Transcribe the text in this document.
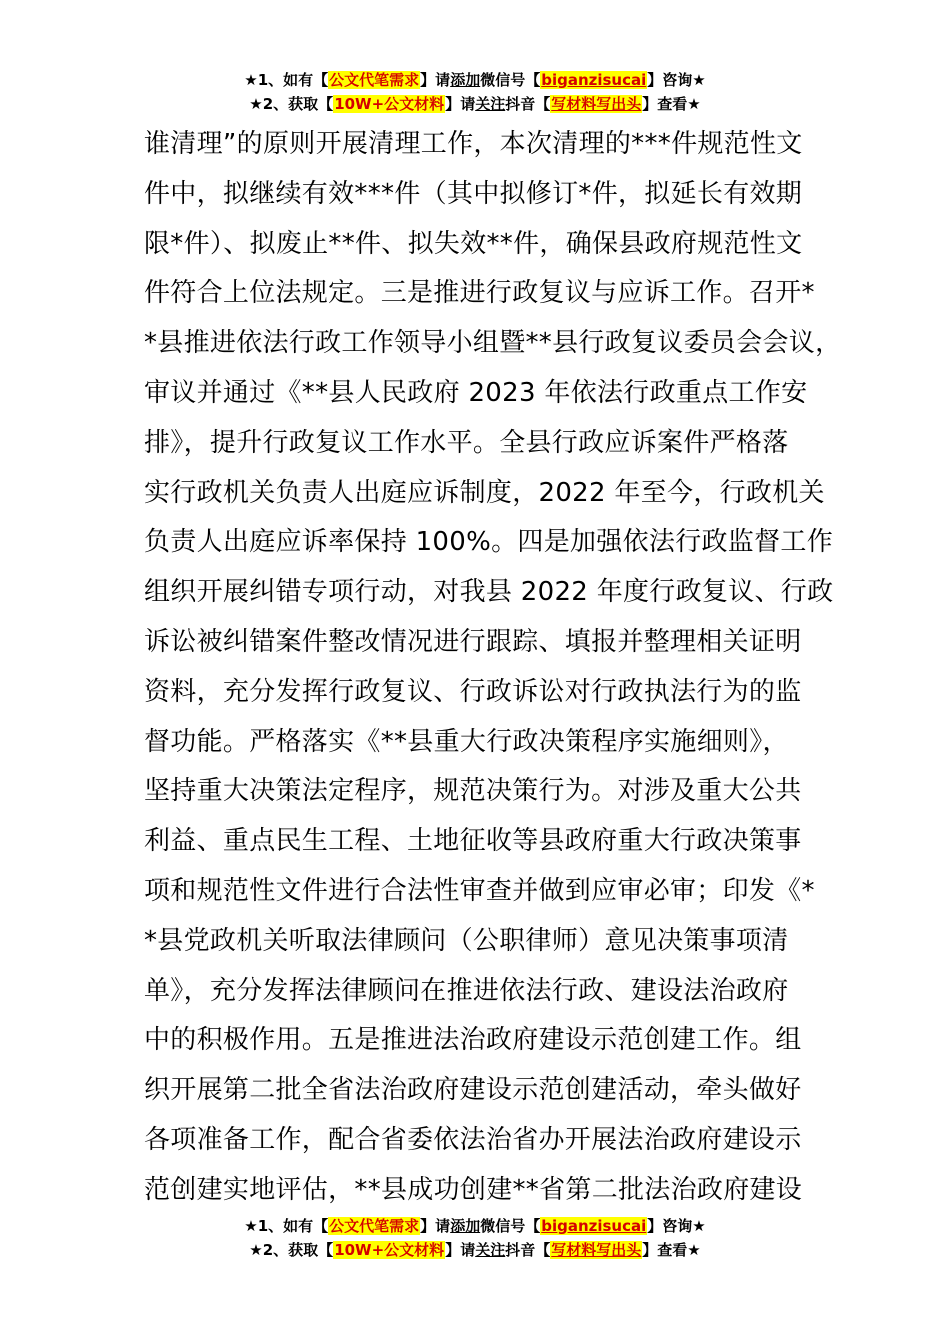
★1、如有【公文代笔需求】请添加微信号【biganzisucai】咨询★
★2、获取【10W+公文材料】请关注抖音【写材料写出头】查看★
谁清理”的原则开展清理工作，本次清理的***件规范性文
件中，拟继续有效***件（其中拟修订*件，拟延长有效期
限*件）、拟废止**件、拟失效**件，确保县政府规范性文
件符合上位法规定。三是推进行政复议与应诉工作。召开*
*县推进依法行政工作领导小组暨**县行政复议委员会会议，
审议并通过《**县人民政府 2023 年依法行政重点工作安
排》，提升行政复议工作水平。全县行政应诉案件严格落
实行政机关负责人出庭应诉制度，2022 年至今，行政机关
负责人出庭应诉率保持 100%。四是加强依法行政监督工作
组织开展纠错专项行动，对我县 2022 年度行政复议、行政
诉讼被纠错案件整改情况进行跟踪、填报并整理相关证明
资料，充分发挥行政复议、行政诉讼对行政执法行为的监
督功能。严格落实《**县重大行政决策程序实施细则》，
坚持重大决策法定程序，规范决策行为。对涉及重大公共
利益、重点民生工程、土地征收等县政府重大行政决策事
项和规范性文件进行合法性审查并做到应审必审；印发《*
*县党政机关听取法律顾问（公职律师）意见决策事项清
单》，充分发挥法律顾问在推进依法行政、建设法治政府
中的积极作用。五是推进法治政府建设示范创建工作。组
织开展第二批全省法治政府建设示范创建活动，牵头做好
各项准备工作，配合省委依法治省办开展法治政府建设示
范创建实地评估，**县成功创建**省第二批法治政府建设
★1、如有【公文代笔需求】请添加微信号【biganzisucai】咨询★
★2、获取【10W+公文材料】请关注抖音【写材料写出头】查看★
